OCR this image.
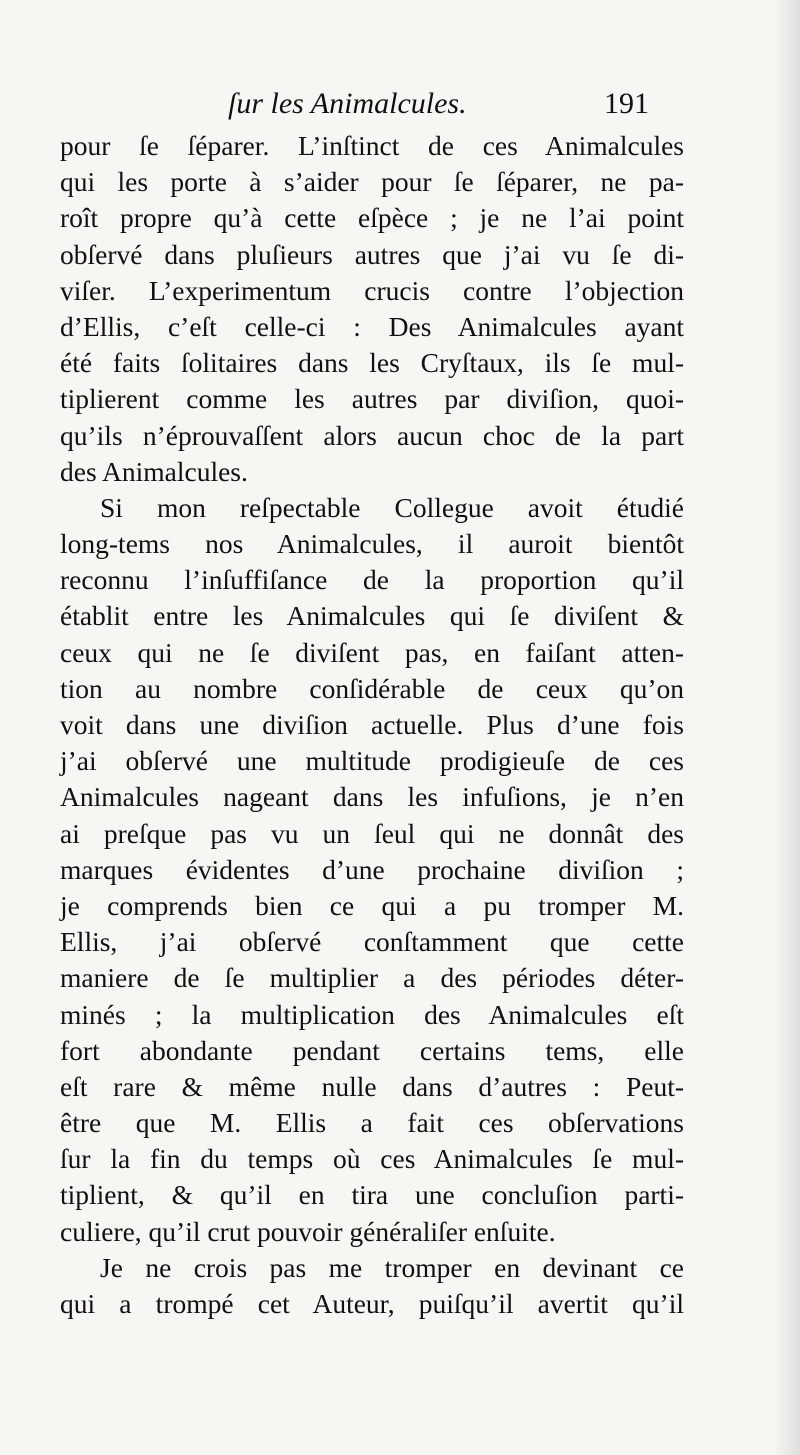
ſur les Animalcules.	191
pour ſe ſéparer. L’inſtinct de ces Animalcules
qui les porte à s’aider pour ſe ſéparer, ne pa-
roît propre qu’à cette eſpèce ; je ne l’ai point
obſervé dans pluſieurs autres que j’ai vu ſe di-
viſer. L’experimentum crucis contre l’objection
d’Ellis, c’eſt celle-ci : Des Animalcules ayant
été faits ſolitaires dans les Cryſtaux, ils ſe mul-
tiplierent comme les autres par diviſion, quoi-
qu’ils n’éprouvaſſent alors aucun choc de la part
des Animalcules.
Si mon reſpectable Collegue avoit étudié
long-tems nos Animalcules, il auroit bientôt
reconnu l’inſuffiſance de la proportion qu’il
établit entre les Animalcules qui ſe diviſent &
ceux qui ne ſe diviſent pas, en faiſant atten-
tion au nombre conſidérable de ceux qu’on
voit dans une diviſion actuelle. Plus d’une fois
j’ai obſervé une multitude prodigieuſe de ces
Animalcules nageant dans les infuſions, je n’en
ai preſque pas vu un ſeul qui ne donnât des
marques évidentes d’une prochaine diviſion ;
je comprends bien ce qui a pu tromper M.
Ellis, j’ai obſervé conſtamment que cette
maniere de ſe multiplier a des périodes déter-
minés ; la multiplication des Animalcules eſt
fort abondante pendant certains tems, elle
eſt rare & même nulle dans d’autres : Peut-
être que M. Ellis a fait ces obſervations
ſur la fin du temps où ces Animalcules ſe mul-
tiplient, & qu’il en tira une concluſion parti-
culiere, qu’il crut pouvoir généraliſer enſuite.
Je ne crois pas me tromper en devinant ce
qui a trompé cet Auteur, puiſqu’il avertit qu’il
